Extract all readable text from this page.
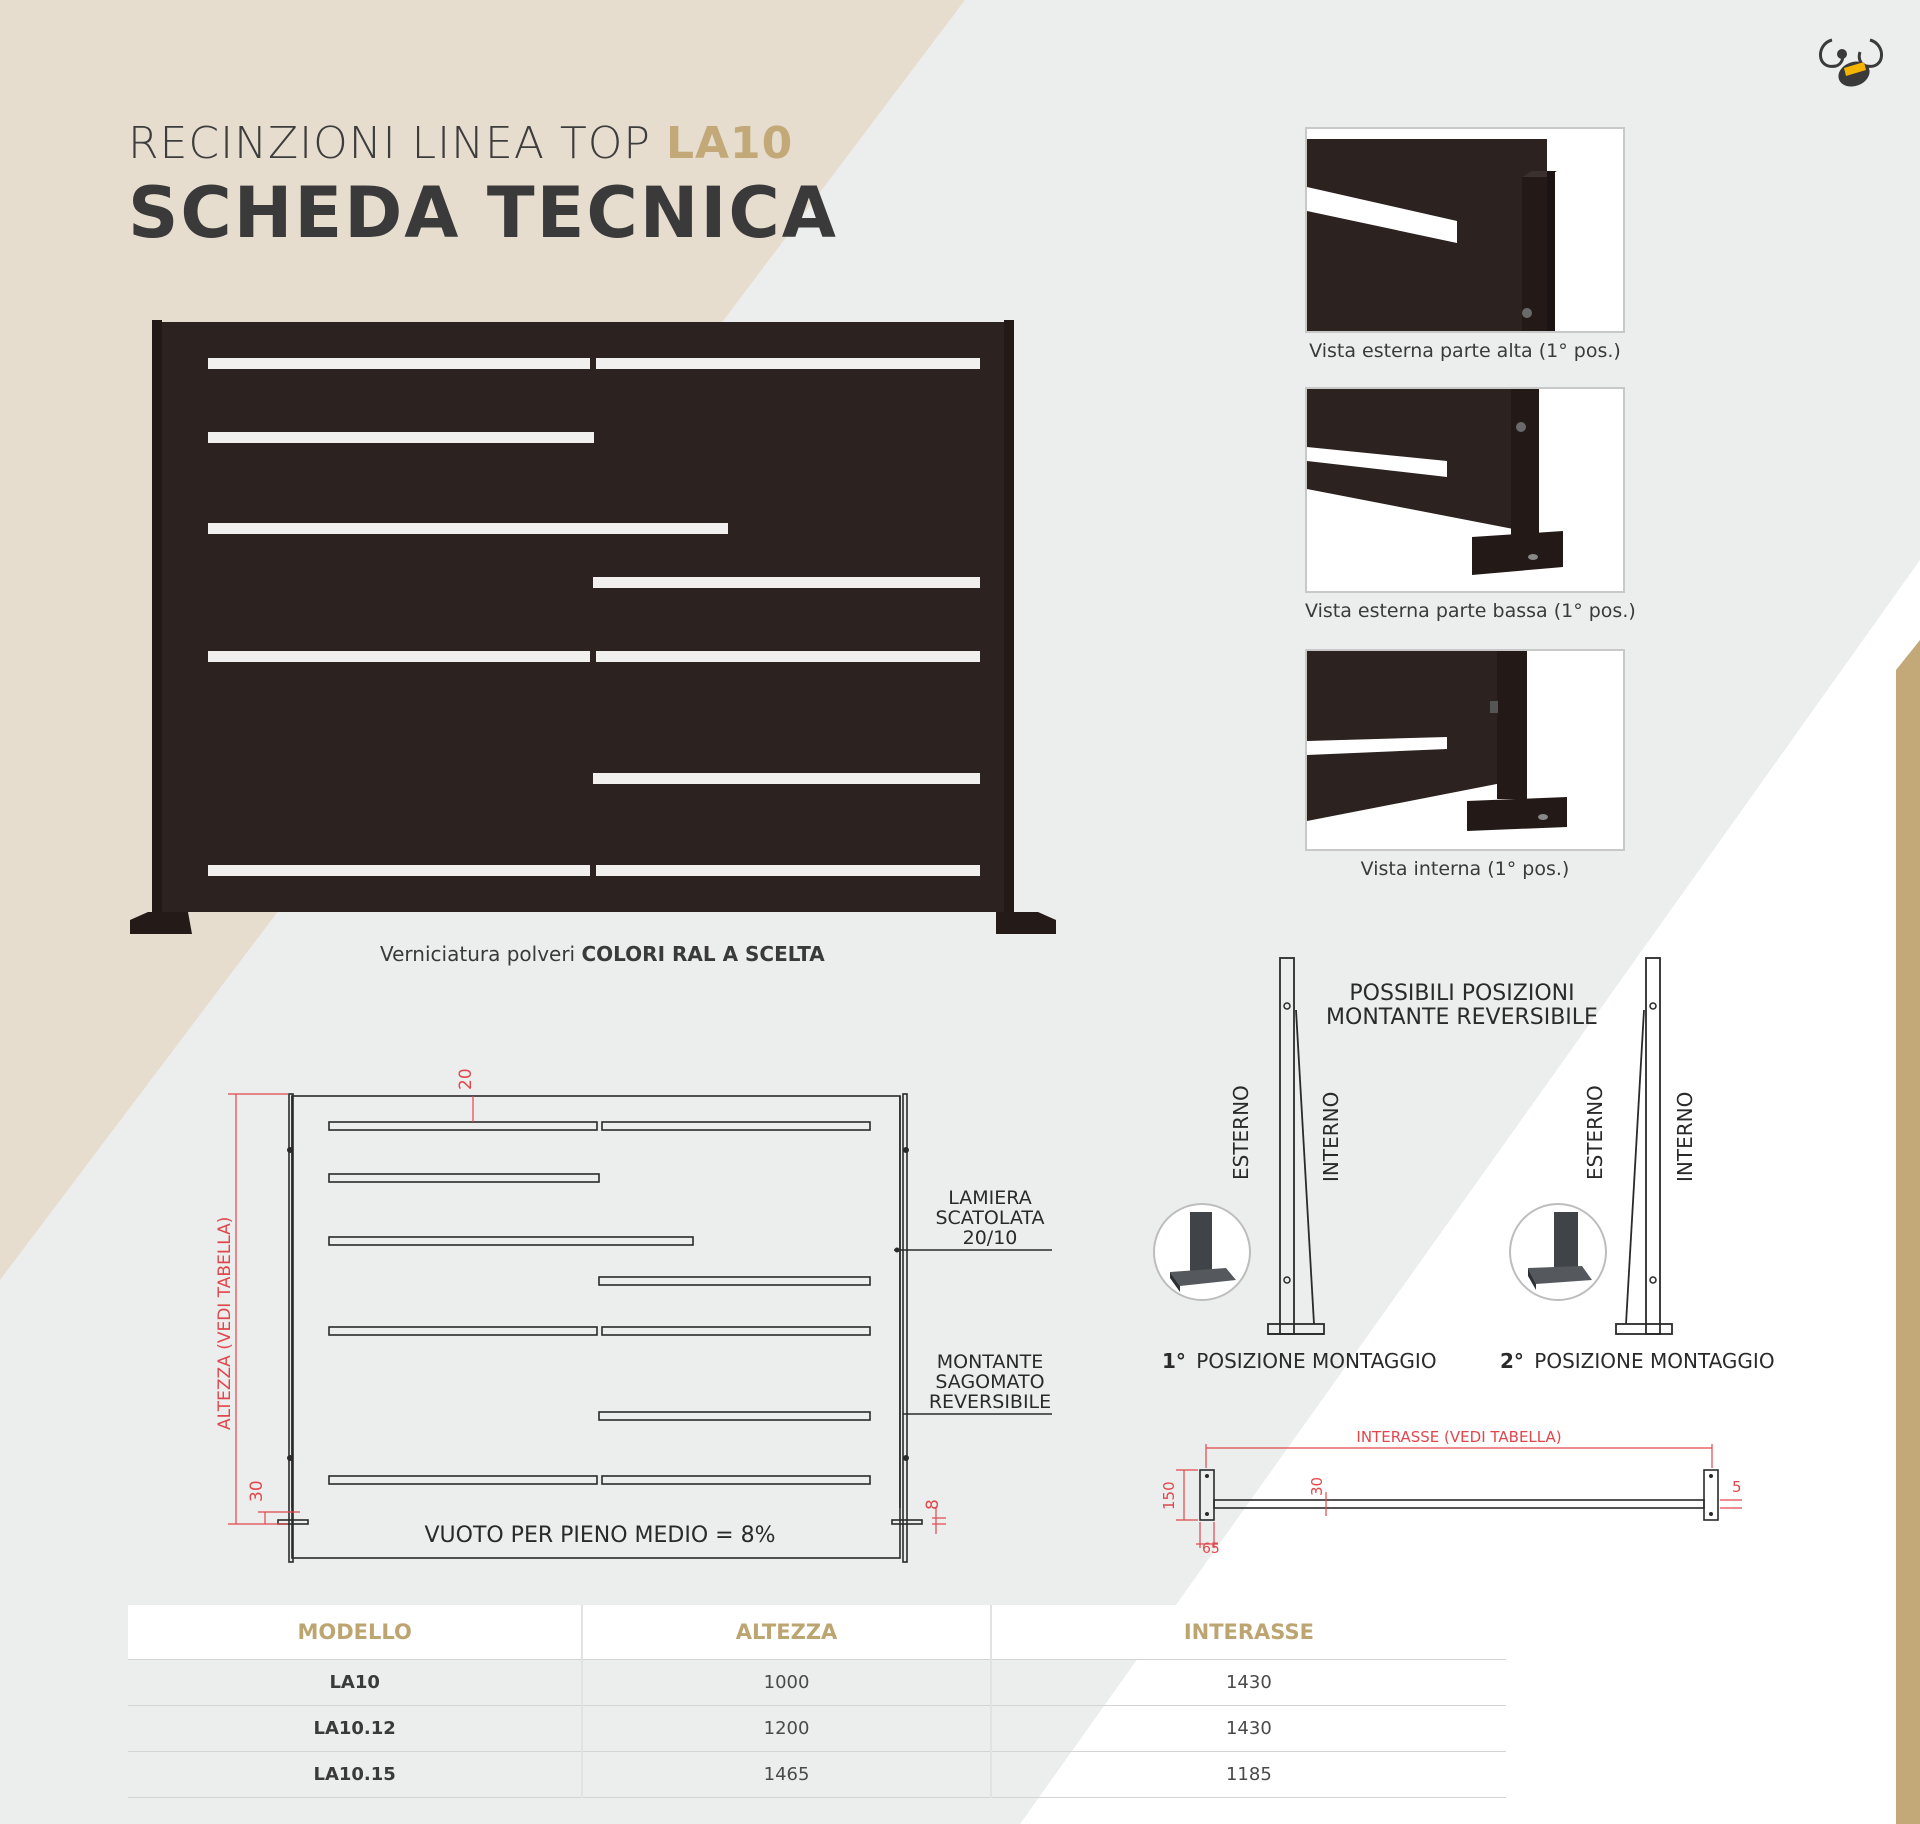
RECINZIONI LINEA TOP LA10
SCHEDA TECNICA
Verniciatura polveri COLORI RAL A SCELTA
Vista esterna parte alta (1° pos.)
Vista esterna parte bassa (1° pos.)
Vista interna (1° pos.)
20
ALTEZZA (VEDI TABELLA)
30
8
LAMIERA
SCATOLATA
20/10
MONTANTE
SAGOMATO
REVERSIBILE
VUOTO PER PIENO MEDIO = 8%
POSSIBILI POSIZIONI
MONTANTE REVERSIBILE
ESTERNO	INTERNO
1° POSIZIONE MONTAGGIO
ESTERNO	INTERNO
2° POSIZIONE MONTAGGIO
INTERASSE (VEDI TABELLA)
150
65
30	5
MODELLO	ALTEZZA	INTERASSE
LA10	1000	1430
LA10.12	1200	1430
LA10.15	1465	1185
